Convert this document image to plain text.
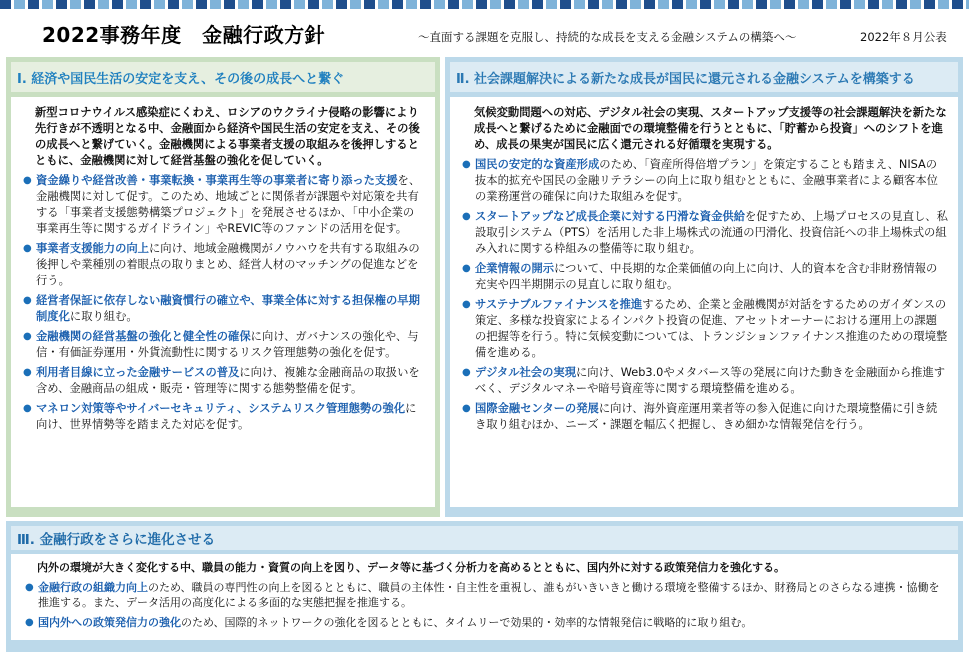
2022事務年度　金融行政方針	～直面する課題を克服し、持続的な成長を支える金融システムの構築へ～	2022年８月公表
Ⅰ. 経済や国民生活の安定を支え、その後の成長へと繋ぐ
新型コロナウイルス感染症にくわえ、ロシアのウクライナ侵略の影響により先行きが不透明となる中、金融面から経済や国民生活の安定を支え、その後の成長へと繋げていく。金融機関による事業者支援の取組みを後押しするとともに、金融機関に対して経営基盤の強化を促していく。
● 資金繰りや経営改善・事業転換・事業再生等の事業者に寄り添った支援を、金融機関に対して促す。このため、地域ごとに関係者が課題や対応策を共有する「事業者支援態勢構築プロジェクト」を発展させるほか、「中小企業の事業再生等に関するガイドライン」やREVIC等のファンドの活用を促す。
● 事業者支援能力の向上に向け、地域金融機関がノウハウを共有する取組みの後押しや業種別の着眼点の取りまとめ、経営人材のマッチングの促進などを行う。
● 経営者保証に依存しない融資慣行の確立や、事業全体に対する担保権の早期制度化に取り組む。
● 金融機関の経営基盤の強化と健全性の確保に向け、ガバナンスの強化や、与信・有価証券運用・外貨流動性に関するリスク管理態勢の強化を促す。
● 利用者目線に立った金融サービスの普及に向け、複雑な金融商品の取扱いを含め、金融商品の組成・販売・管理等に関する態勢整備を促す。
● マネロン対策等やサイバーセキュリティ、システムリスク管理態勢の強化に向け、世界情勢等を踏まえた対応を促す。
Ⅱ. 社会課題解決による新たな成長が国民に還元される金融システムを構築する
気候変動問題への対応、デジタル社会の実現、スタートアップ支援等の社会課題解決を新たな成長へと繋げるために金融面での環境整備を行うとともに、「貯蓄から投資」へのシフトを進め、成長の果実が国民に広く還元される好循環を実現する。
● 国民の安定的な資産形成のため、「資産所得倍増プラン」を策定することも踏まえ、NISAの抜本的拡充や国民の金融リテラシーの向上に取り組むとともに、金融事業者による顧客本位の業務運営の確保に向けた取組みを促す。
● スタートアップなど成長企業に対する円滑な資金供給を促すため、上場プロセスの見直し、私設取引システム（PTS）を活用した非上場株式の流通の円滑化、投資信託への非上場株式の組み入れに関する枠組みの整備等に取り組む。
● 企業情報の開示について、中長期的な企業価値の向上に向け、人的資本を含む非財務情報の充実や四半期開示の見直しに取り組む。
● サステナブルファイナンスを推進するため、企業と金融機関が対話をするためのガイダンスの策定、多様な投資家によるインパクト投資の促進、アセットオーナーにおける運用上の課題の把握等を行う。特に気候変動については、トランジションファイナンス推進のための環境整備を進める。
● デジタル社会の実現に向け、Web3.0やメタバース等の発展に向けた動きを金融面から推進すべく、デジタルマネーや暗号資産等に関する環境整備を進める。
● 国際金融センターの発展に向け、海外資産運用業者等の参入促進に向けた環境整備に引き続き取り組むほか、ニーズ・課題を幅広く把握し、きめ細かな情報発信を行う。
Ⅲ. 金融行政をさらに進化させる
内外の環境が大きく変化する中、職員の能力・資質の向上を図り、データ等に基づく分析力を高めるとともに、国内外に対する政策発信力を強化する。
● 金融行政の組織力向上のため、職員の専門性の向上を図るとともに、職員の主体性・自主性を重視し、誰もがいきいきと働ける環境を整備するほか、財務局とのさらなる連携・協働を推進する。また、データ活用の高度化による多面的な実態把握を推進する。
● 国内外への政策発信力の強化のため、国際的ネットワークの強化を図るとともに、タイムリーで効果的・効率的な情報発信に戦略的に取り組む。
